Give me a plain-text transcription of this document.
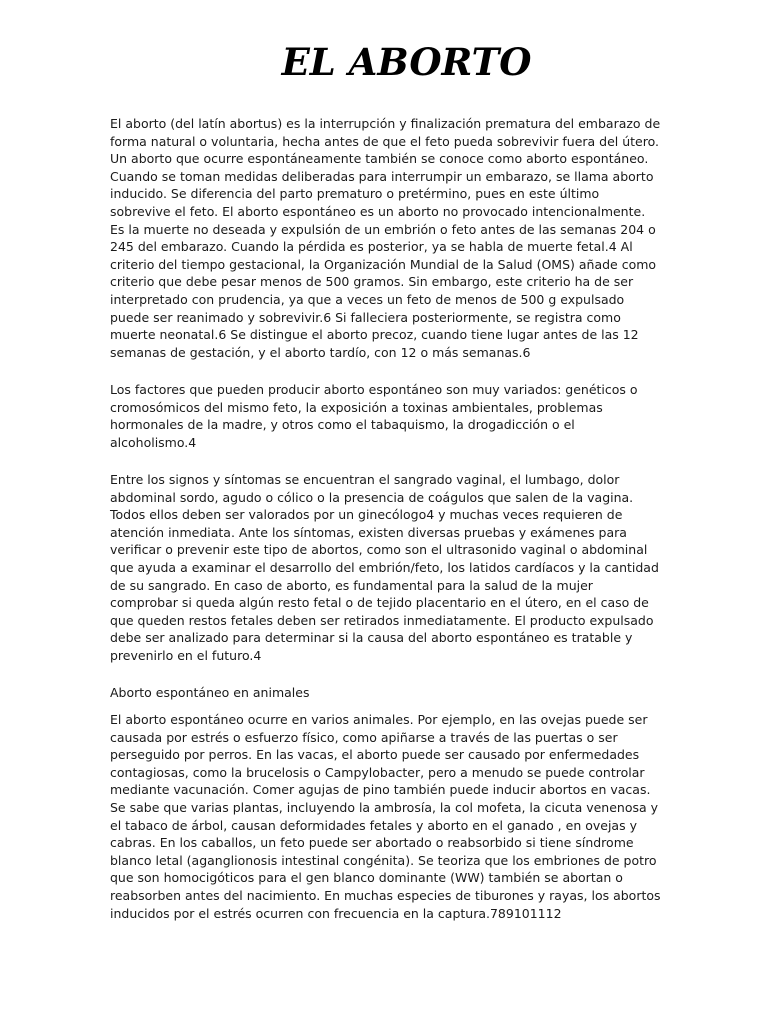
EL ABORTO

El aborto (del latín abortus) es la interrupción y finalización prematura del embarazo de forma natural o voluntaria, hecha antes de que el feto pueda sobrevivir fuera del útero. Un aborto que ocurre espontáneamente también se conoce como aborto espontáneo. Cuando se toman medidas deliberadas para interrumpir un embarazo, se llama aborto inducido. Se diferencia del parto prematuro o pretérmino, pues en este último sobrevive el feto. El aborto espontáneo es un aborto no provocado intencionalmente. Es la muerte no deseada y expulsión de un embrión o feto antes de las semanas 204 o 245 del embarazo. Cuando la pérdida es posterior, ya se habla de muerte fetal.4 Al criterio del tiempo gestacional, la Organización Mundial de la Salud (OMS) añade como criterio que debe pesar menos de 500 gramos. Sin embargo, este criterio ha de ser interpretado con prudencia, ya que a veces un feto de menos de 500 g expulsado puede ser reanimado y sobrevivir.6 Si falleciera posteriormente, se registra como muerte neonatal.6 Se distingue el aborto precoz, cuando tiene lugar antes de las 12 semanas de gestación, y el aborto tardío, con 12 o más semanas.6

Los factores que pueden producir aborto espontáneo son muy variados: genéticos o cromosómicos del mismo feto, la exposición a toxinas ambientales, problemas hormonales de la madre, y otros como el tabaquismo, la drogadicción o el alcoholismo.4

Entre los signos y síntomas se encuentran el sangrado vaginal, el lumbago, dolor abdominal sordo, agudo o cólico o la presencia de coágulos que salen de la vagina. Todos ellos deben ser valorados por un ginecólogo4 y muchas veces requieren de atención inmediata. Ante los síntomas, existen diversas pruebas y exámenes para verificar o prevenir este tipo de abortos, como son el ultrasonido vaginal o abdominal que ayuda a examinar el desarrollo del embrión/feto, los latidos cardíacos y la cantidad de su sangrado. En caso de aborto, es fundamental para la salud de la mujer comprobar si queda algún resto fetal o de tejido placentario en el útero, en el caso de que queden restos fetales deben ser retirados inmediatamente. El producto expulsado debe ser analizado para determinar si la causa del aborto espontáneo es tratable y prevenirlo en el futuro.4

Aborto espontáneo en animales

El aborto espontáneo ocurre en varios animales. Por ejemplo, en las ovejas puede ser causada por estrés o esfuerzo físico, como apiñarse a través de las puertas o ser perseguido por perros. En las vacas, el aborto puede ser causado por enfermedades contagiosas, como la brucelosis o Campylobacter, pero a menudo se puede controlar mediante vacunación. Comer agujas de pino también puede inducir abortos en vacas. Se sabe que varias plantas, incluyendo la ambrosía, la col mofeta, la cicuta venenosa y el tabaco de árbol, causan deformidades fetales y aborto en el ganado , en ovejas y cabras. En los caballos, un feto puede ser abortado o reabsorbido si tiene síndrome blanco letal (aganglionosis intestinal congénita). Se teoriza que los embriones de potro que son homocigóticos para el gen blanco dominante (WW) también se abortan o reabsorben antes del nacimiento. En muchas especies de tiburones y rayas, los abortos inducidos por el estrés ocurren con frecuencia en la captura.789101112
